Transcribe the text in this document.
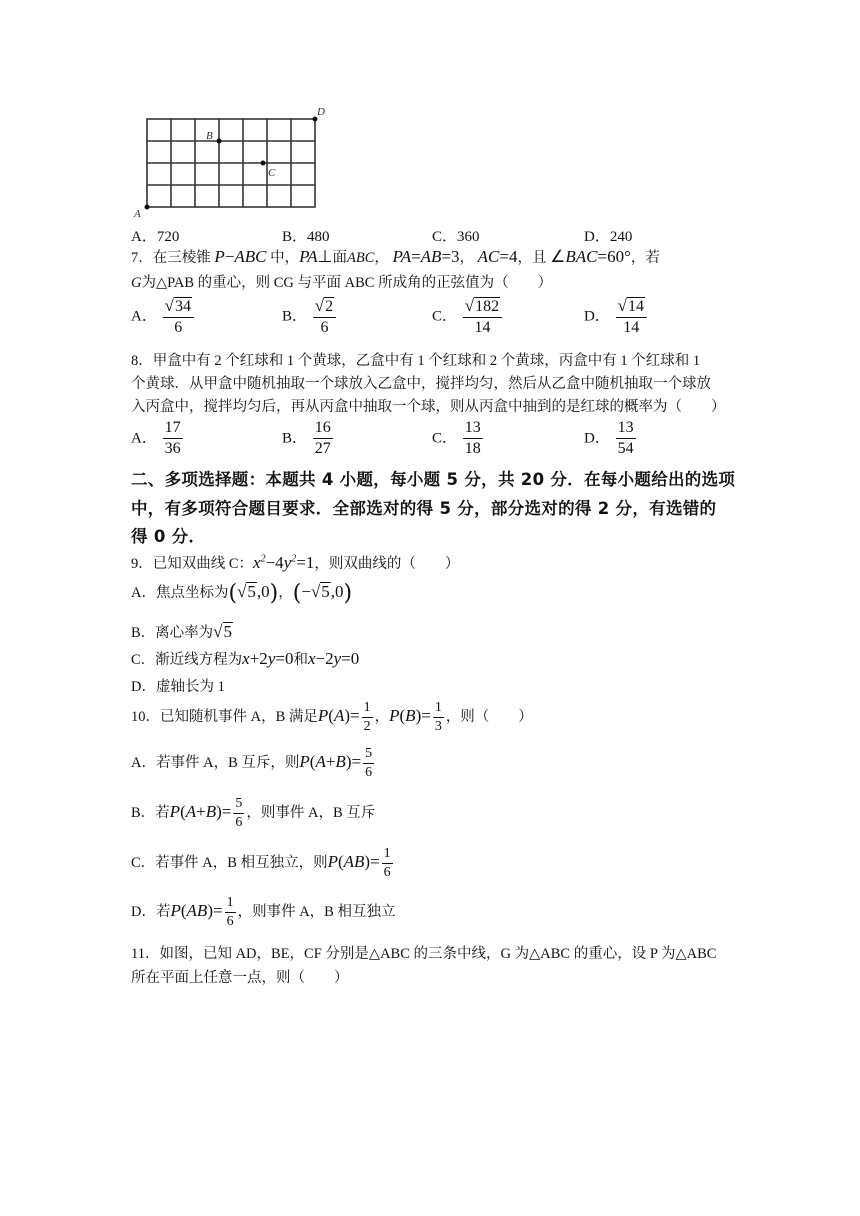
A
B
C
D
A．720	B．480	C．360	D．240
7．在三棱锥 P−ABC 中，PA⊥面ABC， PA=AB=3， AC=4，且 ∠BAC=60°，若
G为△PAB 的重心，则 CG 与平面 ABC 所成角的正弦值为（　　）
A． $\frac{√34}{6}$	B． $\frac{√2}{6}$	C． $\frac{√182}{14}$	D． $\frac{√14}{14}$
8．甲盒中有 2 个红球和 1 个黄球，乙盒中有 1 个红球和 2 个黄球，丙盒中有 1 个红球和 1
个黄球．从甲盒中随机抽取一个球放入乙盒中，搅拌均匀，然后从乙盒中随机抽取一个球放
入丙盒中，搅拌均匀后，再从丙盒中抽取一个球，则从丙盒中抽到的是红球的概率为（　　）
A． $\frac{17}{36}$	B． $\frac{16}{27}$	C． $\frac{13}{18}$	D． $\frac{13}{54}$
二、多项选择题：本题共 4 小题，每小题 5 分，共 20 分．在每小题给出的选项
中，有多项符合题目要求．全部选对的得 5 分，部分选对的得 2 分，有选错的
得 0 分．
9．已知双曲线 C：$x^2-4y^2=1$，则双曲线的（　　）
A．焦点坐标为(√5,0)，(−√5,0)
B．离心率为√5
C．渐近线方程为x+2y=0和x−2y=0
D．虚轴长为 1
10．已知随机事件 A，B 满足$P(A)= \frac{1}{2}$ ，$P(B)= \frac{1}{3}$ ，则（　　）
A．若事件 A，B 互斥，则$P(A+B)= \frac{5}{6}$
B．若$P(A+B)= \frac{5}{6}$ ，则事件 A，B 互斥
C．若事件 A，B 相互独立，则$P(AB)= \frac{1}{6}$
D．若$P(AB)= \frac{1}{6}$ ，则事件 A，B 相互独立
11．如图，已知 AD，BE，CF 分别是△ABC 的三条中线，G 为△ABC 的重心，设 P 为△ABC
所在平面上任意一点，则（　　）
